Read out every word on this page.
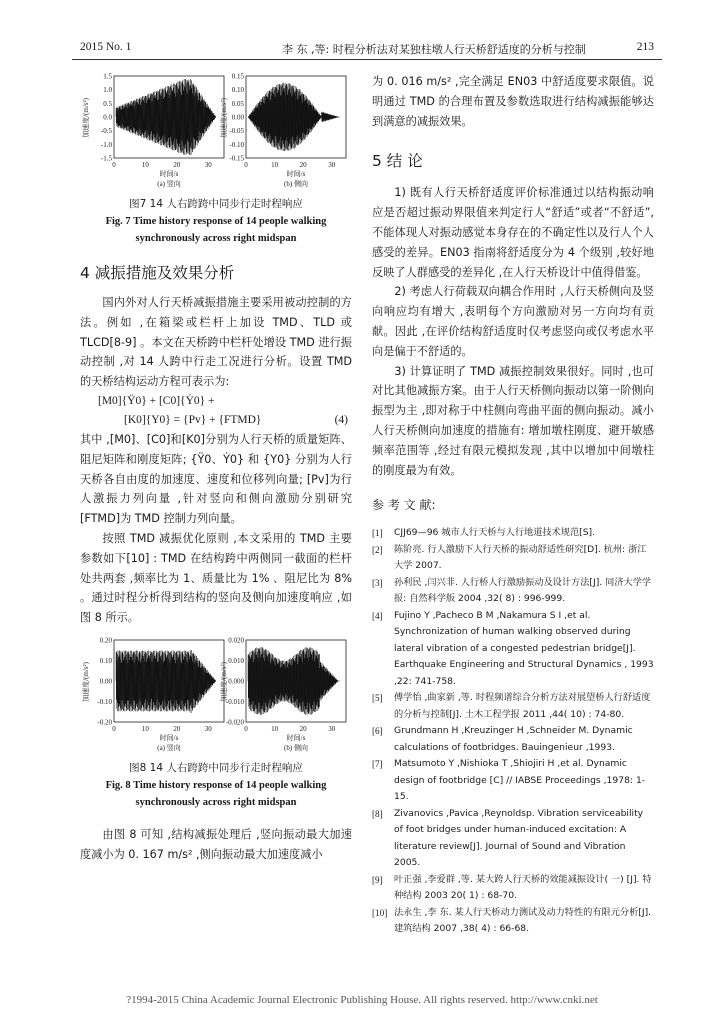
2015 No. 1	李 东 ,等: 时程分析法对某独柱墩人行天桥舒适度的分析与控制	213
加速度/(m/s²)
时间/s
(a) 竖向
1.5
1.0
0.5
0.0
-0.5
-1.0
-1.5
0	10	20	30
加速度/(m/s²)
时间/s
(b) 侧向
0.15
0.10
0.05
0.00
-0.05
-0.10
-0.15
0	10	20	30
图7 14 人右跨跨中同步行走时程响应
Fig. 7 Time history response of 14 people walking
synchronously across right midspan
4 减振措施及效果分析

国内外对人行天桥减振措施主要采用被动控制的方法。例如 ,在箱梁或栏杆上加设 TMD、TLD 或 TLCD[8-9] 。本文在天桥跨中栏杆处增设 TMD 进行振动控制 ,对 14 人跨中行走工况进行分析。设置 TMD 的天桥结构运动方程可表示为:

[M0]{Ÿ0} + [C0]{Ẏ0} +
[K0]{Y0} = {Pv} + {FTMD}	(4)

其中 ,[M0]、[C0]和[K0]分别为人行天桥的质量矩阵、阻尼矩阵和刚度矩阵; {Ÿ0、Ẏ0} 和 {Y0} 分别为人行天桥各自由度的加速度、速度和位移列向量; [Pv]为行人激振力列向量 ,针对竖向和侧向激励分别研究 [FTMD]为 TMD 控制力列向量。

按照 TMD 减振优化原则 ,本文采用的 TMD 主要参数如下[10] : TMD 在结构跨中两侧同一截面的栏杆处共两套 ,频率比为 1、质量比为 1% 、阻尼比为 8% 。通过时程分析得到结构的竖向及侧向加速度响应 ,如图 8 所示。

加速度/(m/s²)
时间/s
(a) 竖向
0.20
0.10
0.00
-0.10
-0.20
0	10	20	30
加速度/(m/s²)
时间/s
(b) 侧向
0.020
0.010
0.000
-0.010
-0.020
0	10	20	30
图8 14 人右跨跨中同步行走时程响应
Fig. 8 Time history response of 14 people walking
synchronously across right midspan

由图 8 可知 ,结构减振处理后 ,竖向振动最大加速度减小为 0. 167 m/s² ,侧向振动最大加速度减小

为 0. 016 m/s² ,完全满足 EN03 中舒适度要求限值。说明通过 TMD 的合理布置及参数选取进行结构减振能够达到满意的减振效果。

5 结 论

1) 既有人行天桥舒适度评价标准通过以结构振动响应是否超过振动界限值来判定行人“舒适”或者“不舒适”,不能体现人对振动感觉本身存在的不确定性以及行人个人感受的差异。EN03 指南将舒适度分为 4 个级别 ,较好地反映了人群感受的差异化 ,在人行天桥设计中值得借鉴。

2) 考虑人行荷载双向耦合作用时 ,人行天桥侧向及竖向响应均有增大 ,表明每个方向激励对另一方向均有贡献。因此 ,在评价结构舒适度时仅考虑竖向或仅考虑水平向是偏于不舒适的。

3) 计算证明了 TMD 减振控制效果很好。同时 ,也可对比其他减振方案。由于人行天桥侧向振动以第一阶侧向振型为主 ,即对称于中柱侧向弯曲平面的侧向振动。减小人行天桥侧向加速度的措施有: 增加墩柱刚度、避开敏感频率范围等 ,经过有限元模拟发现 ,其中以增加中间墩柱的刚度最为有效。

参 考 文 献:
[1]	CJJ69—96 城市人行天桥与人行地道技术规范[S].
[2]	陈阶亮. 行人激励下人行天桥的振动舒适性研究[D]. 杭州: 浙江大学 2007.
[3]	孙利民 ,闫兴非. 人行桥人行激励振动及设计方法[J]. 同济大学学报: 自然科学版 2004 ,32( 8) : 996-999.
[4]	Fujino Y ,Pacheco B M ,Nakamura S I ,et al. Synchronization of human walking observed during lateral vibration of a congested pedestrian bridge[J]. Earthquake Engineering and Structural Dynamics , 1993 ,22: 741-758.
[5]	傅学怡 ,曲家新 ,等. 时程频谱综合分析方法对展望桥人行舒适度的分析与控制[J]. 土木工程学报 2011 ,44( 10) : 74-80.
[6]	Grundmann H ,Kreuzinger H ,Schneider M. Dynamic calculations of footbridges. Bauingenieur ,1993.
[7]	Matsumoto Y ,Nishioka T ,Shiojiri H ,et al. Dynamic design of footbridge [C] // IABSE Proceedings ,1978: 1-15.
[8]	Zivanovics ,Pavica ,Reynoldsp. Vibration serviceability of foot bridges under human-induced excitation: A literature review[J]. Journal of Sound and Vibration 2005.
[9]	叶正强 ,李爱群 ,等. 某大跨人行天桥的效能减振设计( 一) [J]. 特种结构 2003 20( 1) : 68-70.
[10] 法永生 ,李 东. 某人行天桥动力测试及动力特性的有限元分析[J]. 建筑结构 2007 ,38( 4) : 66-68.
?1994-2015 China Academic Journal Electronic Publishing House. All rights reserved. http://www.cnki.net
